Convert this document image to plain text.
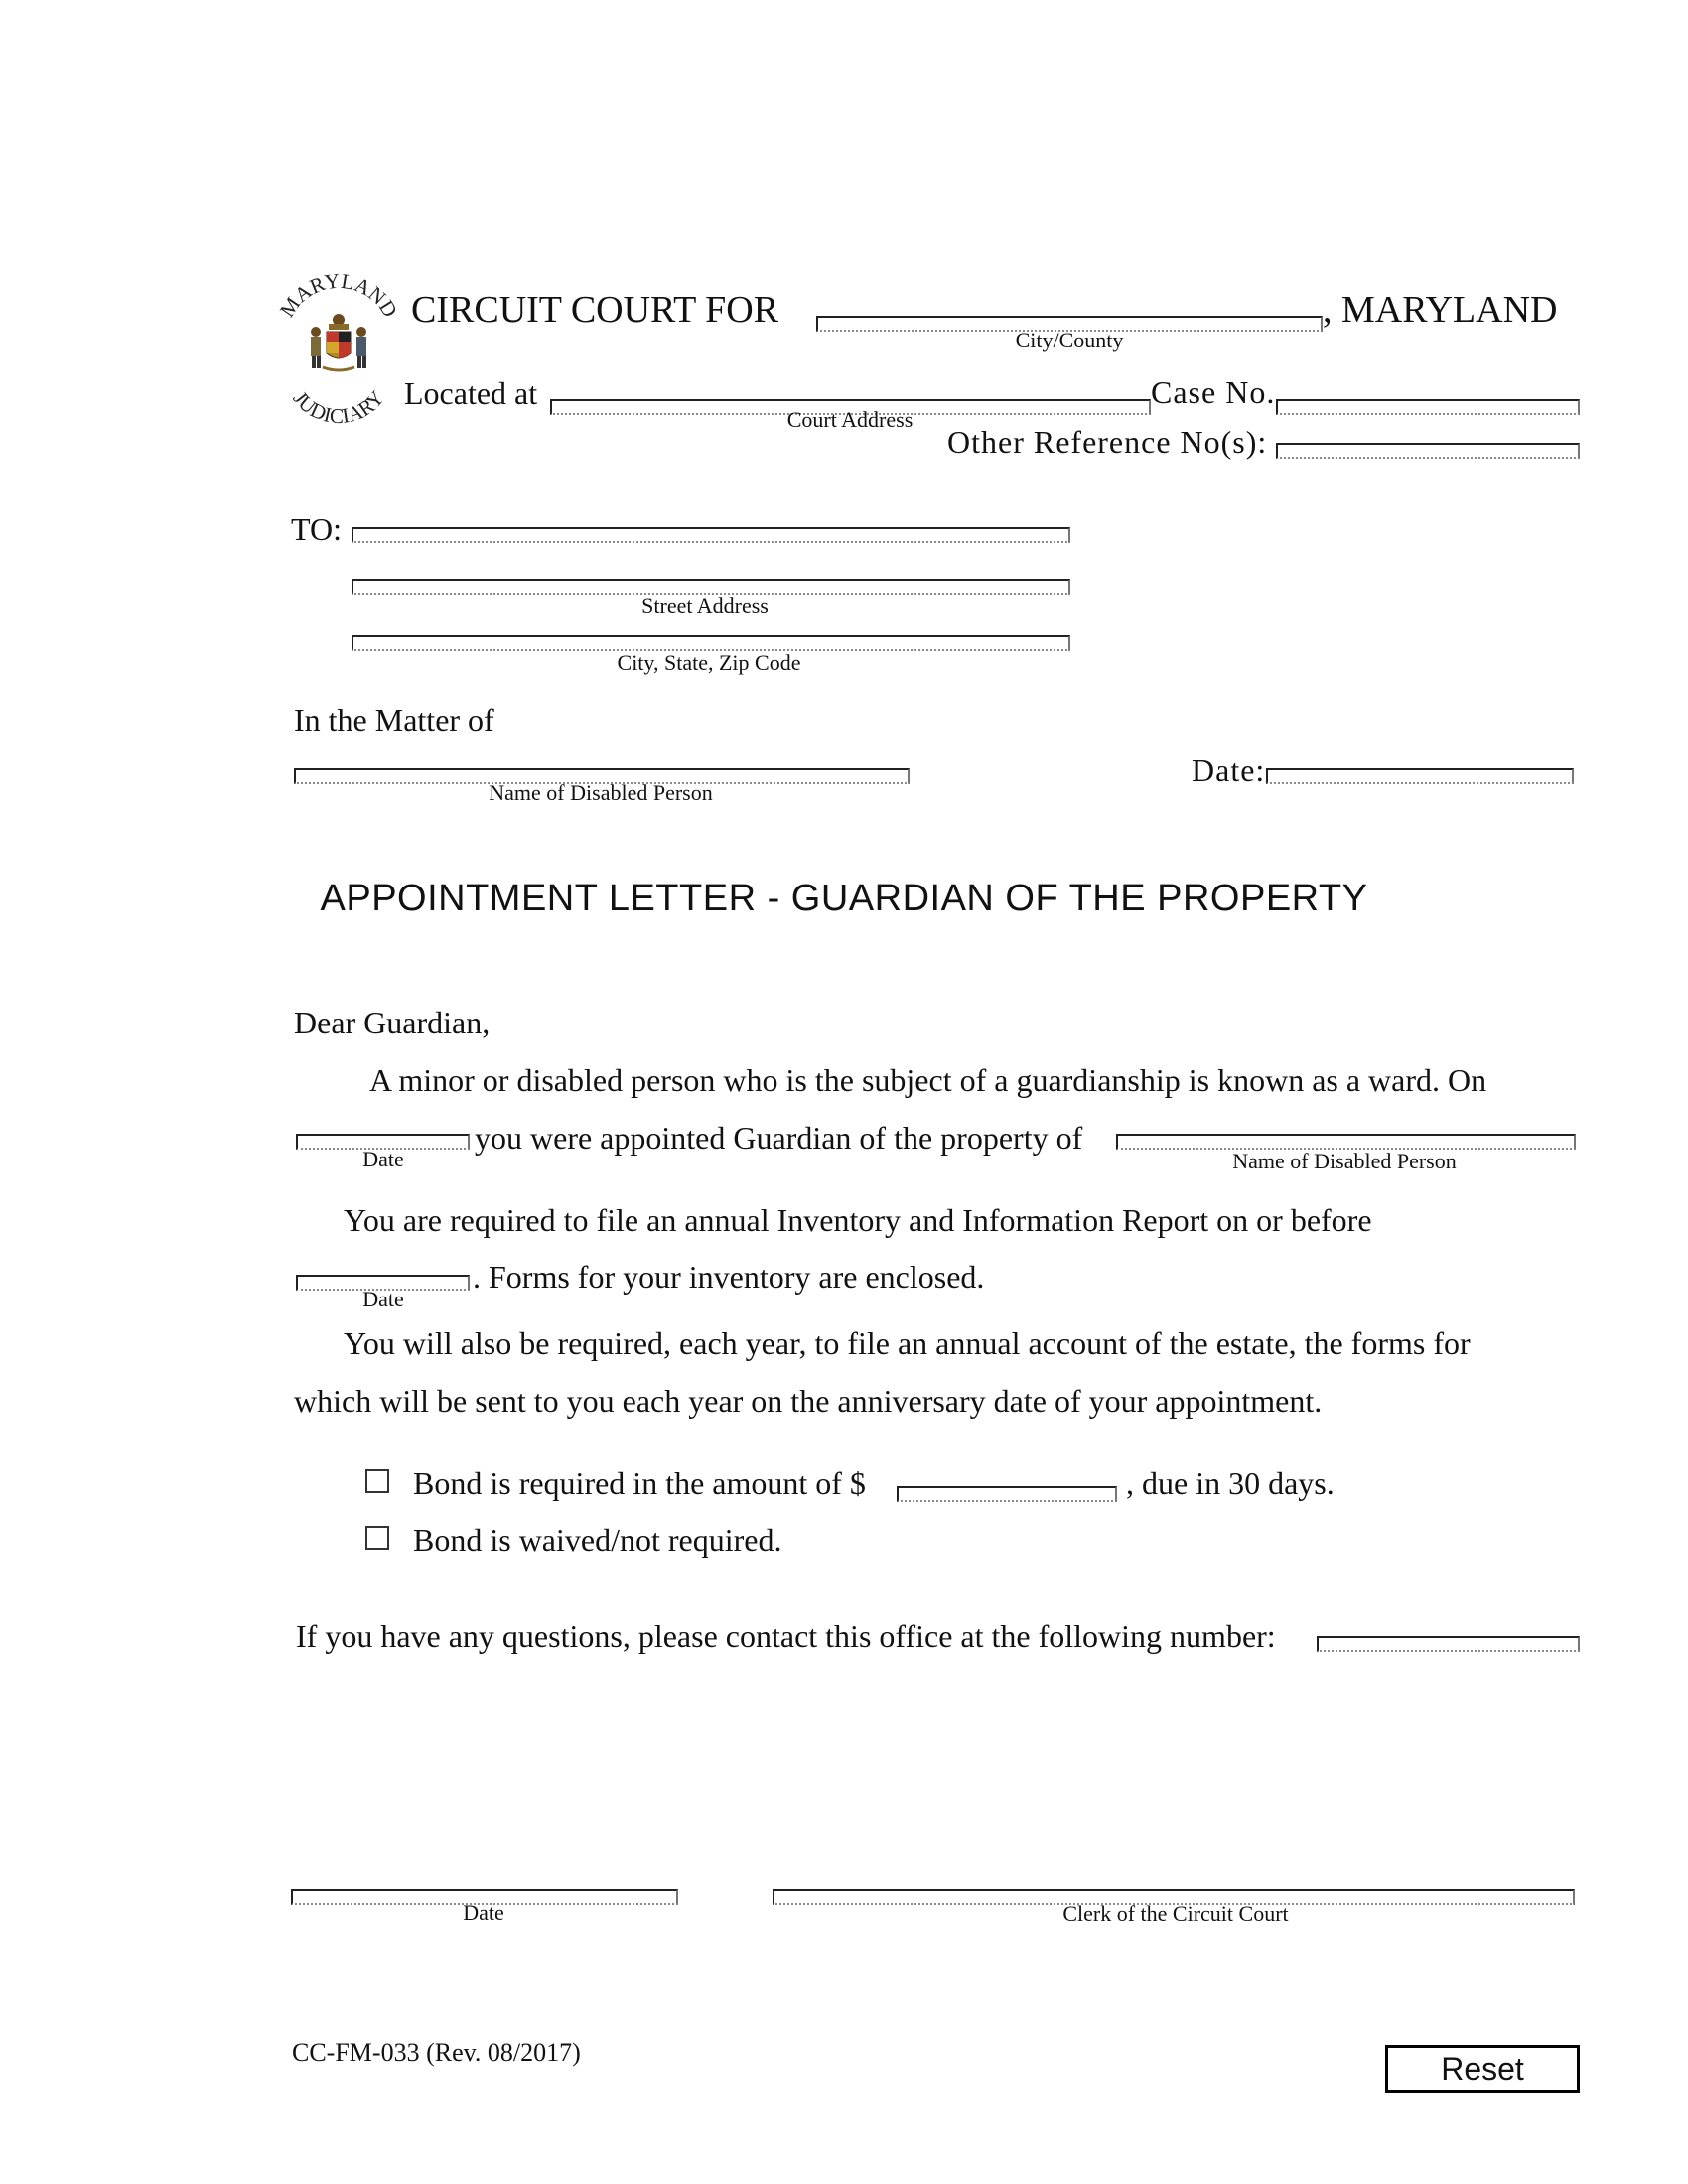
MARYLAND
JUDICIARY
CIRCUIT COURT FOR
City/County
, MARYLAND
Located at
Court Address
Case No.
Other Reference No(s):
TO:
Street Address
City, State, Zip Code
In the Matter of
Name of Disabled Person
Date:
APPOINTMENT LETTER - GUARDIAN OF THE PROPERTY
Dear Guardian,
A minor or disabled person who is the subject of a guardianship is known as a ward. On
Date
you were appointed Guardian of the property of
Name of Disabled Person
You are required to file an annual Inventory and Information Report on or before
Date
. Forms for your inventory are enclosed.
You will also be required, each year, to file an annual account of the estate, the forms for
which will be sent to you each year on the anniversary date of your appointment.
Bond is required in the amount of $	, due in 30 days.
Bond is waived/not required.
If you have any questions, please contact this office at the following number:
Date	Clerk of the Circuit Court
CC-FM-033 (Rev. 08/2017)	Reset
